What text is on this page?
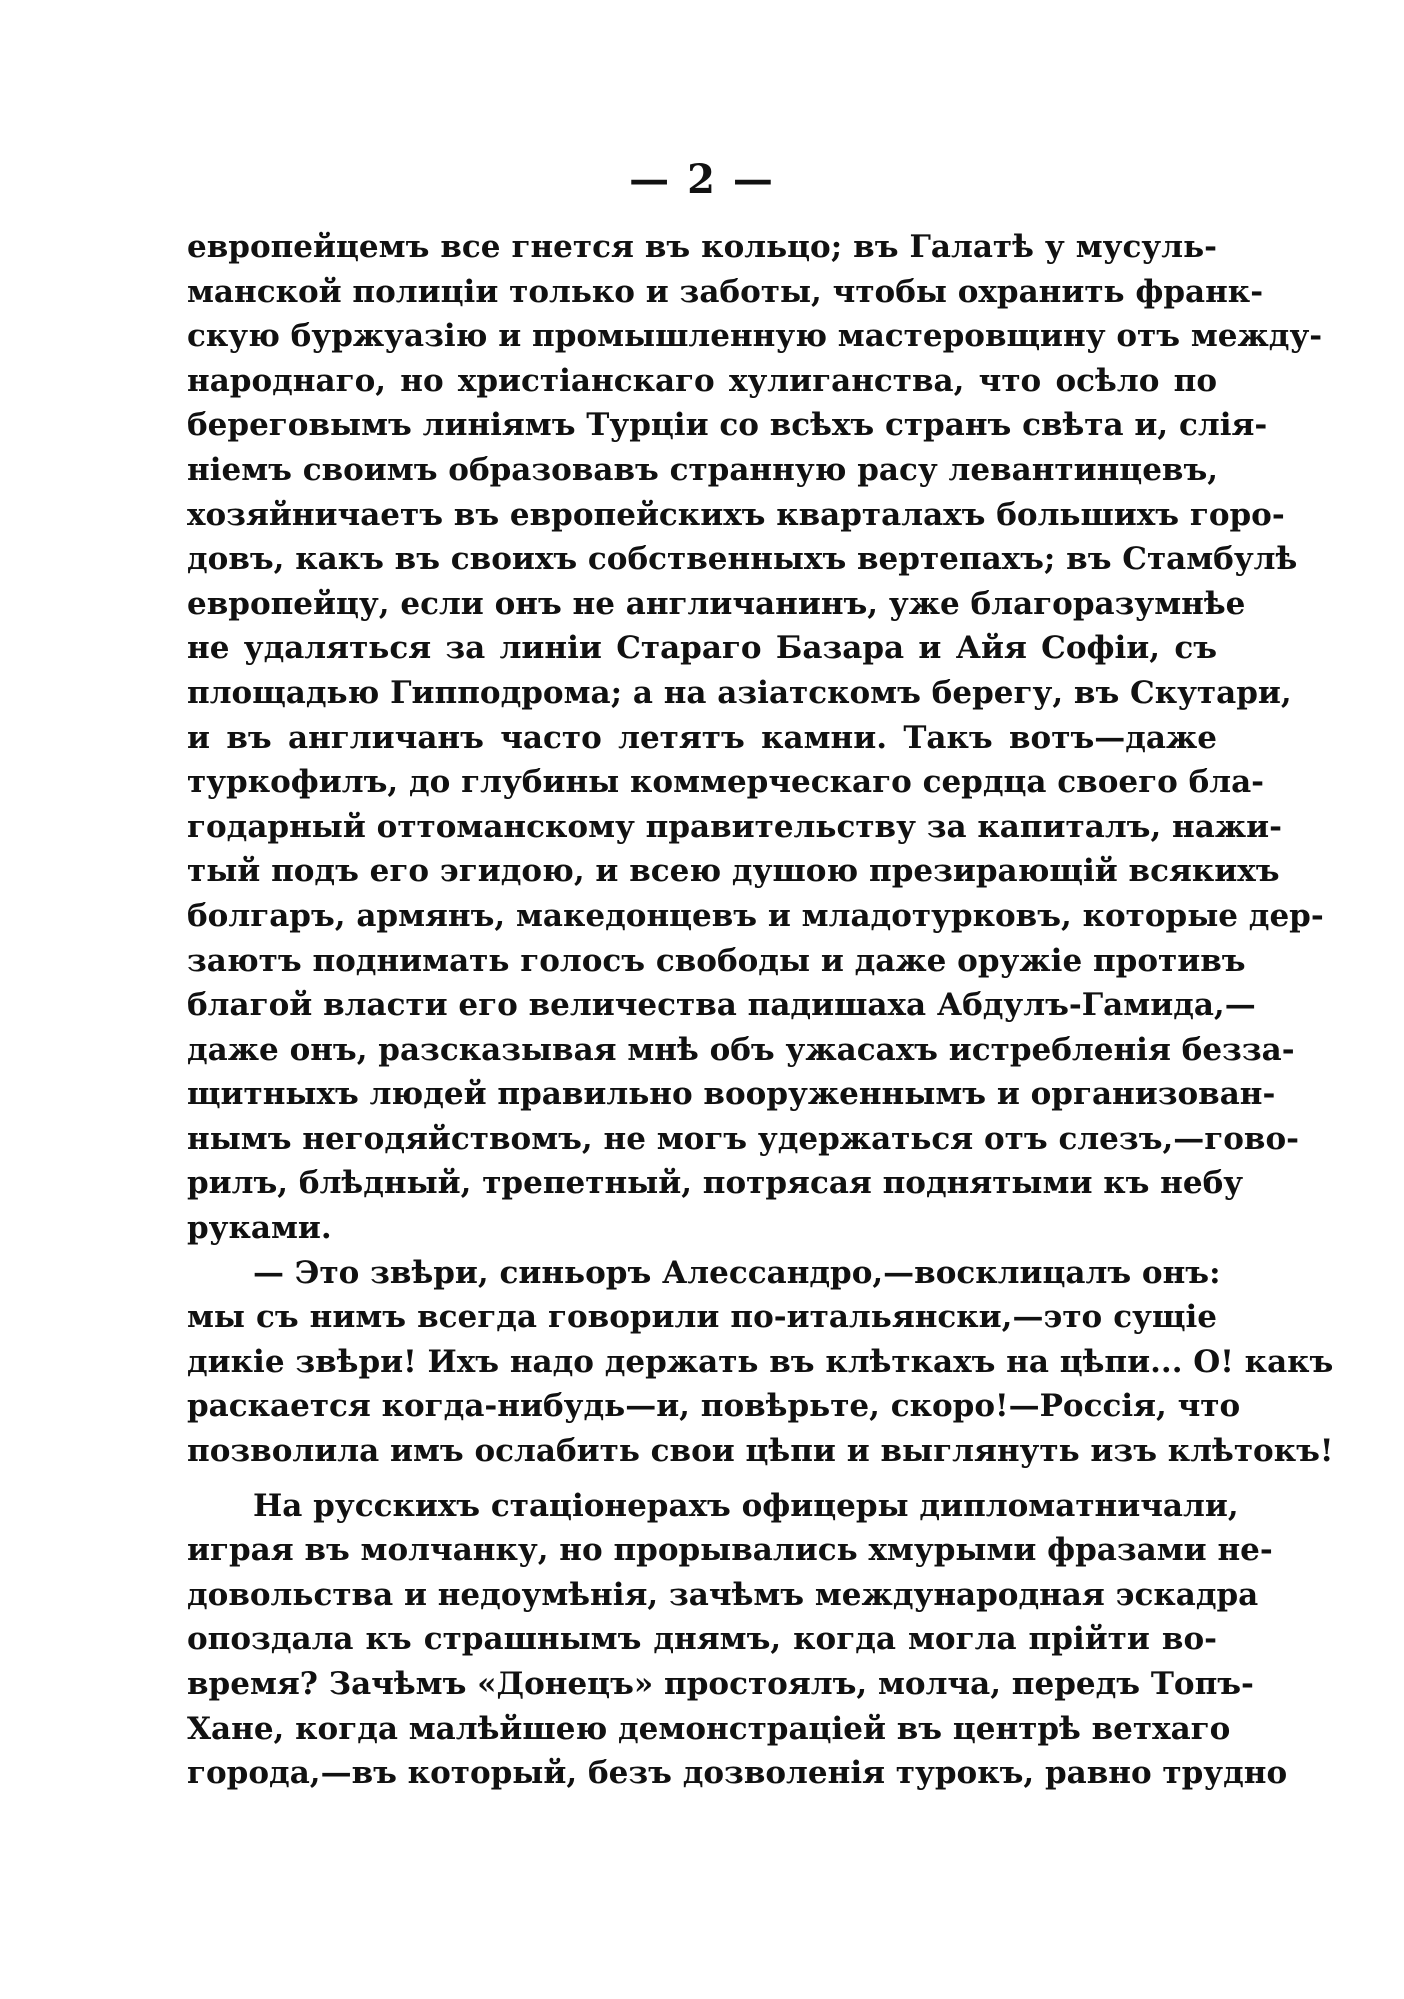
— 2 —
европейцемъ все гнется въ кольцо; въ Галатѣ у мусуль-
манской полиціи только и заботы, чтобы охранить франк-
скую буржуазію и промышленную мастеровщину отъ между-
народнаго, но христіанскаго хулиганства, что осѣло по
береговымъ линіямъ Турціи со всѣхъ странъ свѣта и, слія-
ніемъ своимъ образовавъ странную расу левантинцевъ,
хозяйничаетъ въ европейскихъ кварталахъ большихъ горо-
довъ, какъ въ своихъ собственныхъ вертепахъ; въ Стамбулѣ
европейцу, если онъ не англичанинъ, уже благоразумнѣе
не удаляться за линіи Стараго Базара и Айя Софіи, съ
площадью Гипподрома; а на азіатскомъ берегу, въ Скутари,
и въ англичанъ часто летятъ камни. Такъ вотъ—даже
туркофилъ, до глубины коммерческаго сердца своего бла-
годарный оттоманскому правительству за капиталъ, нажи-
тый подъ его эгидою, и всею душою презирающій всякихъ
болгаръ, армянъ, македонцевъ и младотурковъ, которые дер-
заютъ поднимать голосъ свободы и даже оружіе противъ
благой власти его величества падишаха Абдулъ-Гамида,—
даже онъ, разсказывая мнѣ объ ужасахъ истребленія безза-
щитныхъ людей правильно вооруженнымъ и организован-
нымъ негодяйствомъ, не могъ удержаться отъ слезъ,—гово-
рилъ, блѣдный, трепетный, потрясая поднятыми къ небу
руками.
— Это звѣри, синьоръ Алессандро,—восклицалъ онъ:
мы съ нимъ всегда говорили по-итальянски,—это сущіе
дикіе звѣри! Ихъ надо держать въ клѣткахъ на цѣпи... О! какъ
раскается когда-нибудь—и, повѣрьте, скоро!—Россія, что
позволила имъ ослабить свои цѣпи и выглянуть изъ клѣтокъ!
На русскихъ стаціонерахъ офицеры дипломатничали,
играя въ молчанку, но прорывались хмурыми фразами не-
довольства и недоумѣнія, зачѣмъ международная эскадра
опоздала къ страшнымъ днямъ, когда могла прійти во-
время? Зачѣмъ «Донецъ» простоялъ, молча, передъ Топъ-
Хане, когда малѣйшею демонстраціей въ центрѣ ветхаго
города,—въ который, безъ дозволенія турокъ, равно трудно
